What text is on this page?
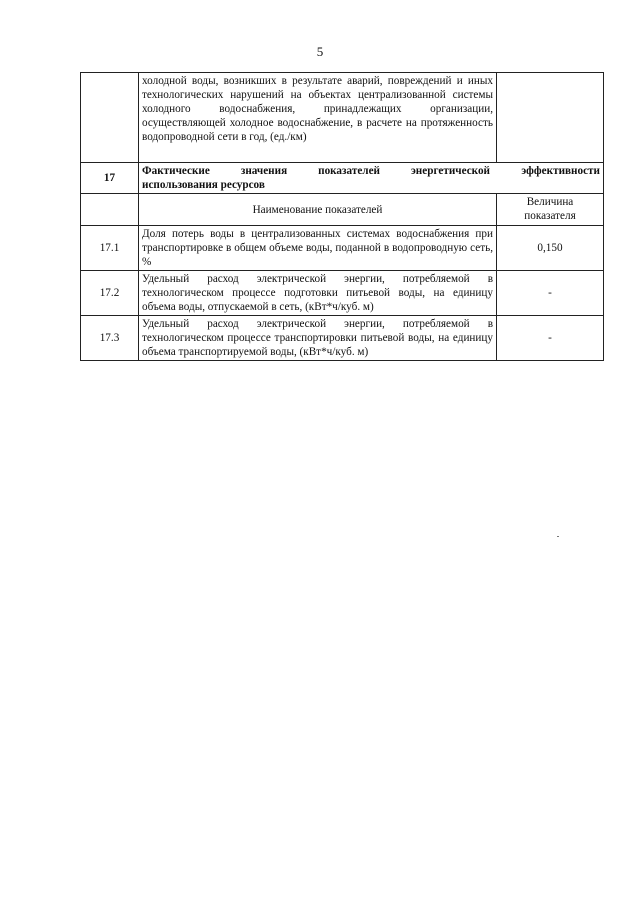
5
	холодной воды, возникших в результате аварий, повреждений и иных технологических нарушений на объектах централизованной системы холодного водоснабжения, принадлежащих организации, осуществляющей холодное водоснабжение, в расчете на протяженность водопроводной сети в год, (ед./км)	
17	Фактические значения показателей энергетической эффективности
использования ресурсов	

	Наименование показателей	Величина показателя
17.1	Доля потерь воды в централизованных системах водоснабжения при транспортировке в общем объеме воды, поданной в водопроводную сеть, %	0,150
17.2	Удельный расход электрической энергии, потребляемой в технологическом процессе подготовки питьевой воды, на единицу объема воды, отпускаемой в сеть, (кВт*ч/куб. м)	-
17.3	Удельный расход электрической энергии, потребляемой в технологическом процессе транспортировки питьевой воды, на единицу объема транспортируемой воды, (кВт*ч/куб. м)	-
